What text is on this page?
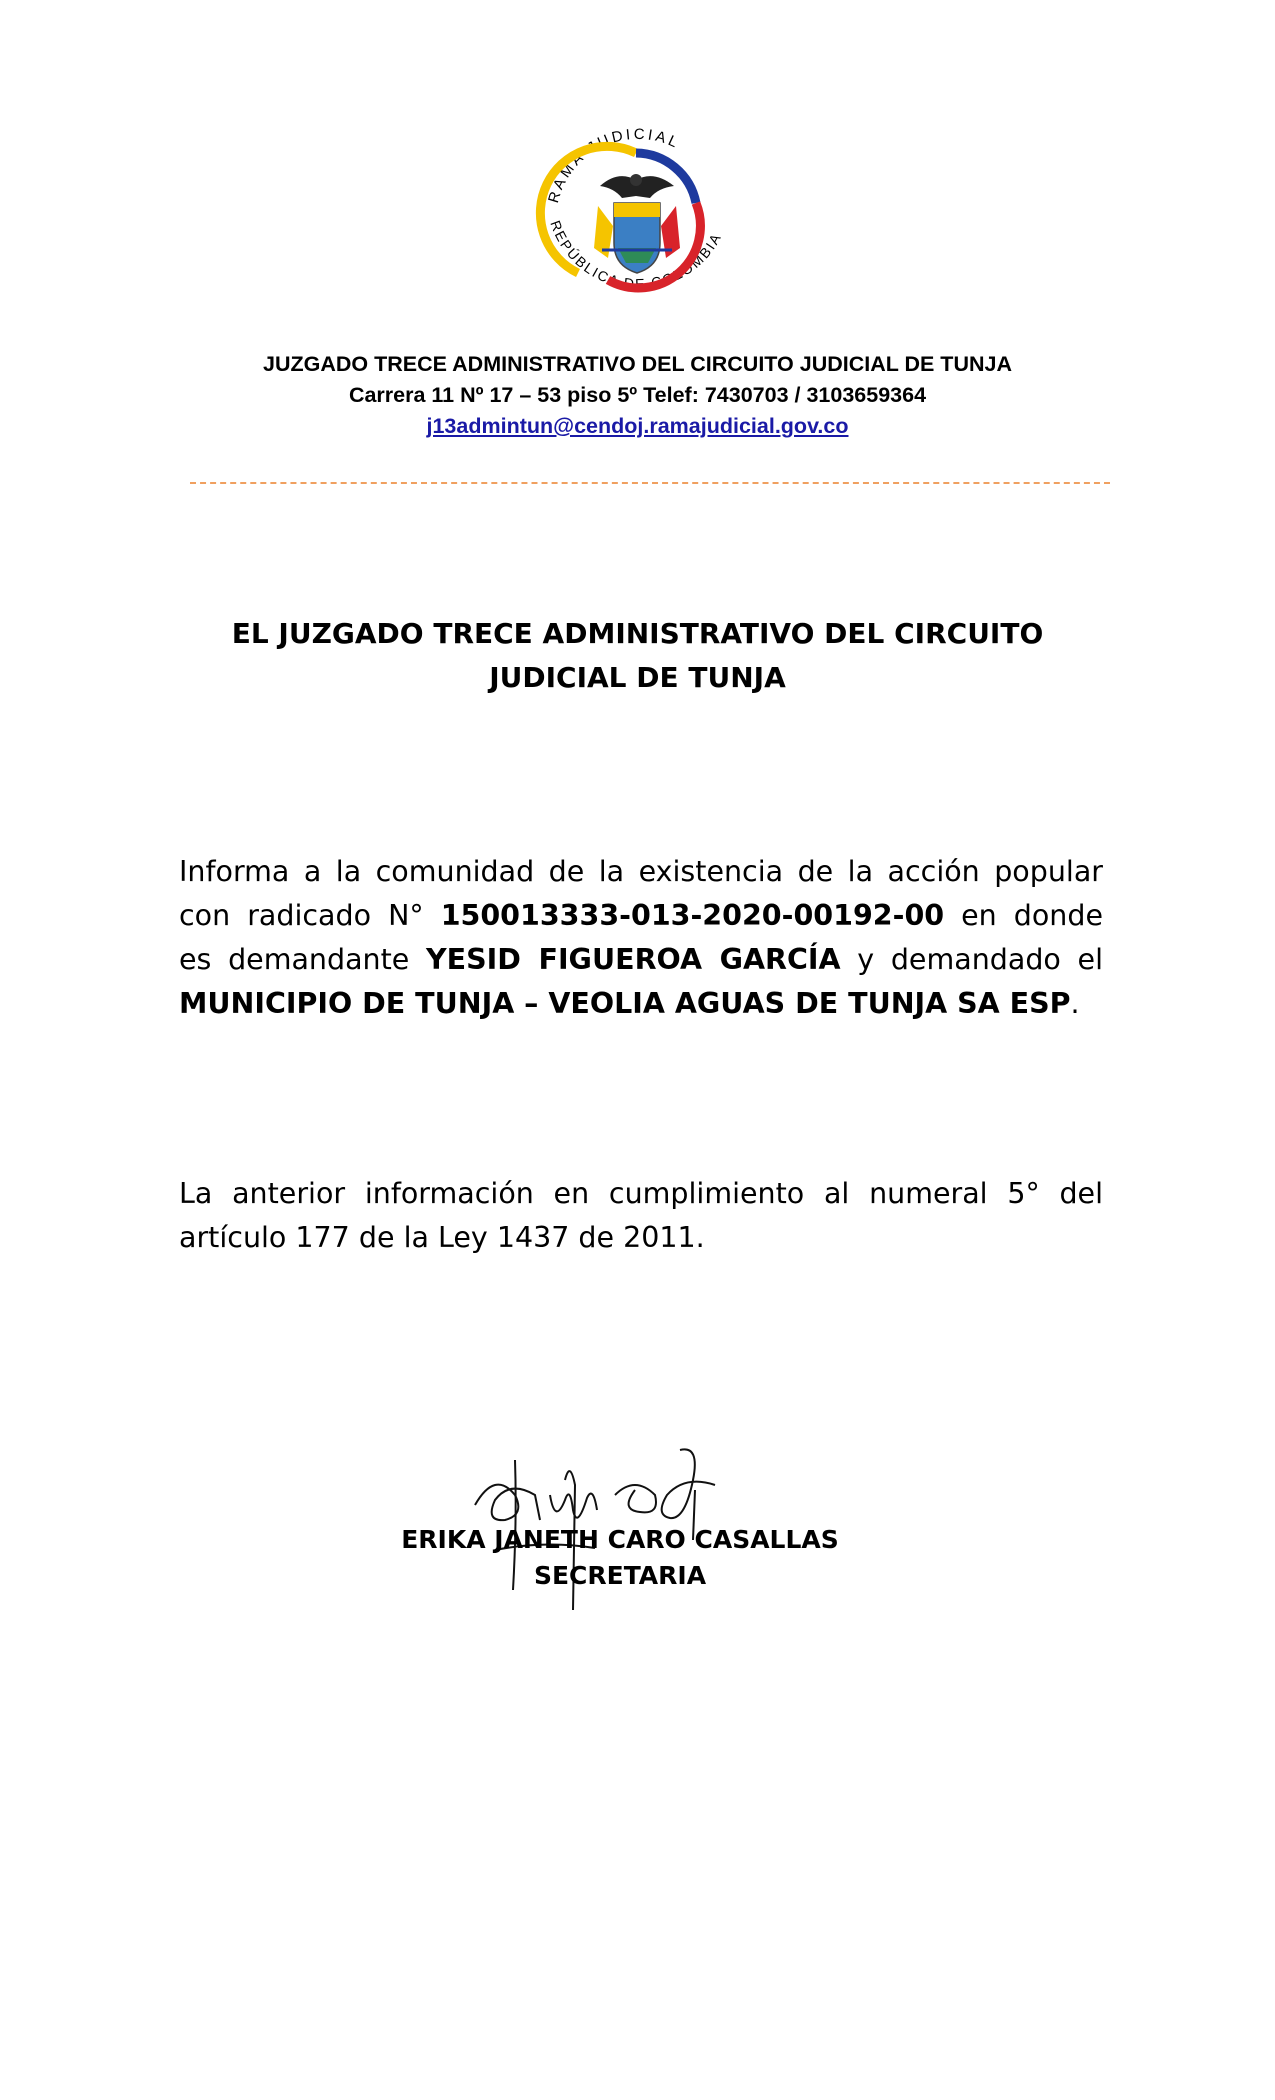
RAMA JUDICIAL
REPÚBLICA DE COLOMBIA
JUZGADO TRECE ADMINISTRATIVO DEL CIRCUITO JUDICIAL DE TUNJA
Carrera 11 Nº 17 – 53 piso 5º Telef: 7430703 / 3103659364
j13admintun@cendoj.ramajudicial.gov.co
EL JUZGADO TRECE ADMINISTRATIVO DEL CIRCUITO
JUDICIAL DE TUNJA
Informa a la comunidad de la existencia de la acción popular con radicado N° 150013333-013-2020-00192-00 en donde es demandante YESID FIGUEROA GARCÍA y demandado el MUNICIPIO DE TUNJA – VEOLIA AGUAS DE TUNJA SA ESP.
La anterior información en cumplimiento al numeral 5° del artículo 177 de la Ley 1437 de 2011.
ERIKA JANETH CARO CASALLAS
SECRETARIA
